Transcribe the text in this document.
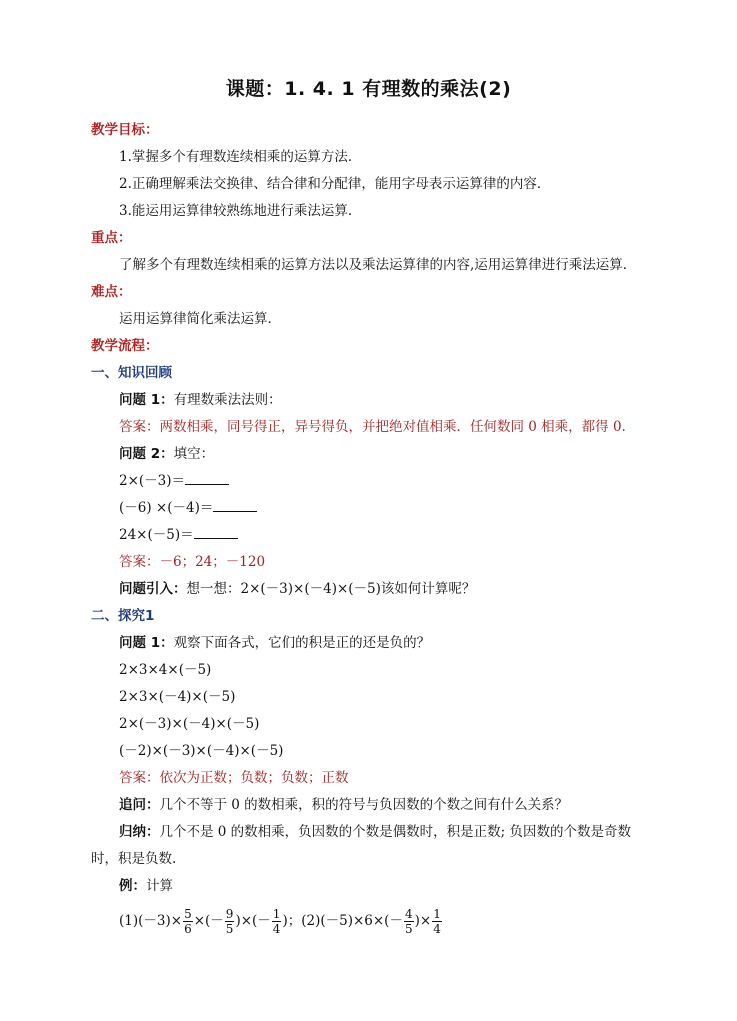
课题：1. 4. 1 有理数的乘法(2)
教学目标：
1.掌握多个有理数连续相乘的运算方法．
2.正确理解乘法交换律、结合律和分配律，能用字母表示运算律的内容．
3.能运用运算律较熟练地进行乘法运算．
重点：
了解多个有理数连续相乘的运算方法以及乘法运算律的内容,运用运算律进行乘法运算．
难点：
运用运算律简化乘法运算．
教学流程：
一、知识回顾
问题 1：有理数乘法法则：
答案：两数相乘，同号得正，异号得负，并把绝对值相乘．任何数同 0 相乘，都得 0.
问题 2：填空：
2×(－3)＝
(－6) ×(－4)＝
24×(－5)＝
答案：－6；24；－120
问题引入：想一想：2×(－3)×(－4)×(－5)该如何计算呢？
二、探究1
问题 1：观察下面各式，它们的积是正的还是负的？
2×3×4×(－5)
2×3×(－4)×(－5)
2×(－3)×(－4)×(－5)
(－2)×(－3)×(－4)×(－5)
答案：依次为正数；负数；负数；正数
追问：几个不等于 0 的数相乘，积的符号与负因数的个数之间有什么关系？
归纳：几个不是 0 的数相乘，负因数的个数是偶数时，积是正数; 负因数的个数是奇数时，积是负数.
例：计算
$(1)(-3)\times \frac{5}{6}$ ×(－ $\frac{9}{5}$ )×(－ $\frac{1}{4}$ )；$(2)(-5)\times 6\times(- \frac{4}{5}$ )× $\frac{1}{4}$
